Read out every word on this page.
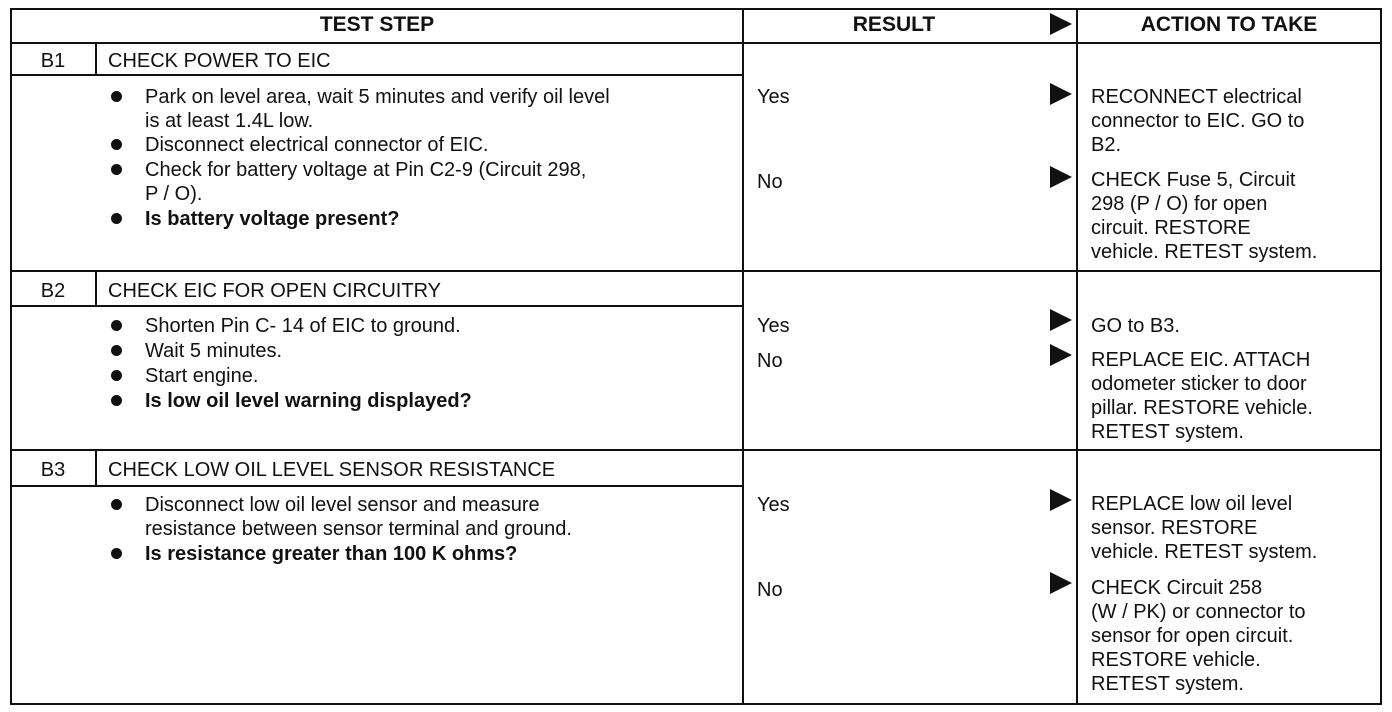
TEST STEP	RESULT	ACTION TO TAKE
B1	CHECK POWER TO EIC
Park on level area, wait 5 minutes and verify oil level
is at least 1.4L low.
Disconnect electrical connector of EIC.
Check for battery voltage at Pin C2-9 (Circuit 298,
P / O).
Is battery voltage present?
Yes	RECONNECT electrical
connector to EIC. GO to
B2.
No	CHECK Fuse 5, Circuit
298 (P / O) for open
circuit. RESTORE
vehicle. RETEST system.
B2	CHECK EIC FOR OPEN CIRCUITRY
Shorten Pin C- 14 of EIC to ground.
Wait 5 minutes.
Start engine.
Is low oil level warning displayed?
Yes	GO to B3.
No	REPLACE EIC. ATTACH
odometer sticker to door
pillar. RESTORE vehicle.
RETEST system.
B3	CHECK LOW OIL LEVEL SENSOR RESISTANCE
Disconnect low oil level sensor and measure
resistance between sensor terminal and ground.
Is resistance greater than 100 K ohms?
Yes	REPLACE low oil level
sensor. RESTORE
vehicle. RETEST system.
No	CHECK Circuit 258
(W / PK) or connector to
sensor for open circuit.
RESTORE vehicle.
RETEST system.
